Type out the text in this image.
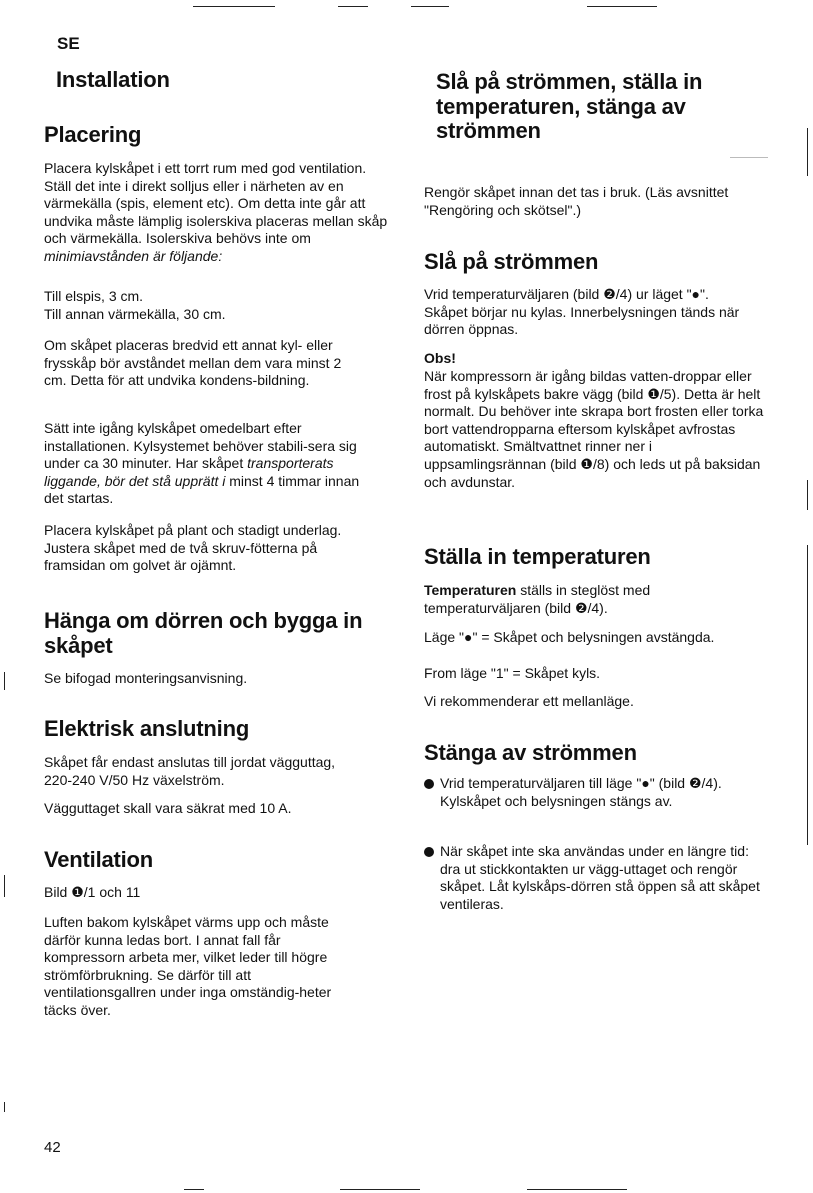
SE
Installation
Placering

Placera kylskåpet i ett torrt rum med god ventilation. Ställ det inte i direkt solljus eller i närheten av en värmekälla (spis, element etc). Om detta inte går att undvika måste lämplig isolerskiva placeras mellan skåp och värmekälla. Isolerskiva behövs inte om minimiavstånden är följande:

Till elspis, 3 cm.

Till annan värmekälla, 30 cm.

Om skåpet placeras bredvid ett annat kyl- eller frysskåp bör avståndet mellan dem vara minst 2 cm. Detta för att undvika kondens-bildning.

Sätt inte igång kylskåpet omedelbart efter installationen. Kylsystemet behöver stabili-sera sig under ca 30 minuter. Har skåpet transporterats liggande, bör det stå upprätt i minst 4 timmar innan det startas.

Placera kylskåpet på plant och stadigt underlag. Justera skåpet med de två skruv-fötterna på framsidan om golvet är ojämnt.

Hänga om dörren och bygga in skåpet

Se bifogad monteringsanvisning.

Elektrisk anslutning

Skåpet får endast anslutas till jordat vägguttag, 220-240 V/50 Hz växelström.

Vägguttaget skall vara säkrat med 10 A.

Ventilation

Bild ❶/1 och 11

Luften bakom kylskåpet värms upp och måste därför kunna ledas bort. I annat fall får kompressorn arbeta mer, vilket leder till högre strömförbrukning. Se därför till att ventilationsgallren under inga omständig-heter täcks över.

Slå på strömmen, ställa in temperaturen, stänga av strömmen

Rengör skåpet innan det tas i bruk. (Läs avsnittet "Rengöring och skötsel".)

Slå på strömmen

Vrid temperaturväljaren (bild ❷/4) ur läget "●". Skåpet börjar nu kylas. Innerbelysningen tänds när dörren öppnas.

Obs!

När kompressorn är igång bildas vatten-droppar eller frost på kylskåpets bakre vägg (bild ❶/5). Detta är helt normalt. Du behöver inte skrapa bort frosten eller torka bort vattendropparna eftersom kylskåpet avfrostas automatiskt. Smältvattnet rinner ner i uppsamlingsrännan (bild ❶/8) och leds ut på baksidan och avdunstar.

Ställa in temperaturen

Temperaturen ställs in steglöst med temperaturväljaren (bild ❷/4).

Läge "●" = Skåpet och belysningen avstängda.

From läge "1" = Skåpet kyls.

Vi rekommenderar ett mellanläge.

Stänga av strömmen
Vrid temperaturväljaren till läge "●" (bild ❷/4). Kylskåpet och belysningen stängs av.
När skåpet inte ska användas under en längre tid: dra ut stickkontakten ur vägg-uttaget och rengör skåpet. Låt kylskåps-dörren stå öppen så att skåpet ventileras.
42
